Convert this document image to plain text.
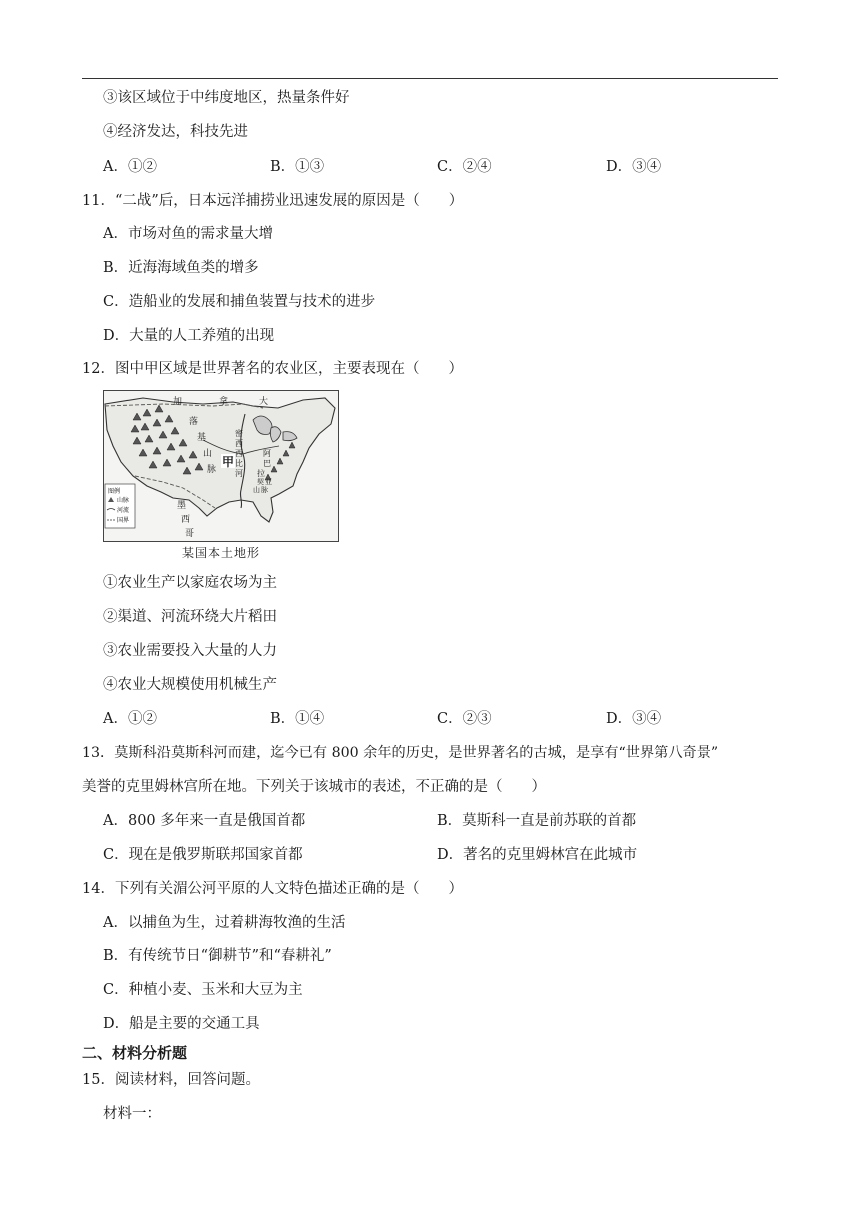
③该区域位于中纬度地区，热量条件好
④经济发达，科技先进
A．①②	B．①③	C．②④	D．③④
11．“二战”后，日本远洋捕捞业迅速发展的原因是（　　）
A．市场对鱼的需求量大增
B．近海海域鱼类的增多
C．造船业的发展和捕鱼装置与技术的进步
D．大量的人工养殖的出现
12．图中甲区域是世界著名的农业区，主要表现在（　　）
加	拿	大
落
基
山
脉
甲
密
西
西
比
河
阿
巴
拉
契 亚
山 脉
墨
西
哥
图例
山脉
河流
国界
某国本土地形
①农业生产以家庭农场为主
②渠道、河流环绕大片稻田
③农业需要投入大量的人力
④农业大规模使用机械生产
A．①②	B．①④	C．②③	D．③④
13．莫斯科沿莫斯科河而建，迄今已有 800 余年的历史，是世界著名的古城，是享有“世界第八奇景”
美誉的克里姆林宫所在地。下列关于该城市的表述，不正确的是（　　）
A．800 多年来一直是俄国首都	B．莫斯科一直是前苏联的首都
C．现在是俄罗斯联邦国家首都	D．著名的克里姆林宫在此城市
14．下列有关湄公河平原的人文特色描述正确的是（　　）
A．以捕鱼为生，过着耕海牧渔的生活
B．有传统节日“御耕节”和“春耕礼”
C．种植小麦、玉米和大豆为主
D．船是主要的交通工具
二、材料分析题
15．阅读材料，回答问题。
材料一：
